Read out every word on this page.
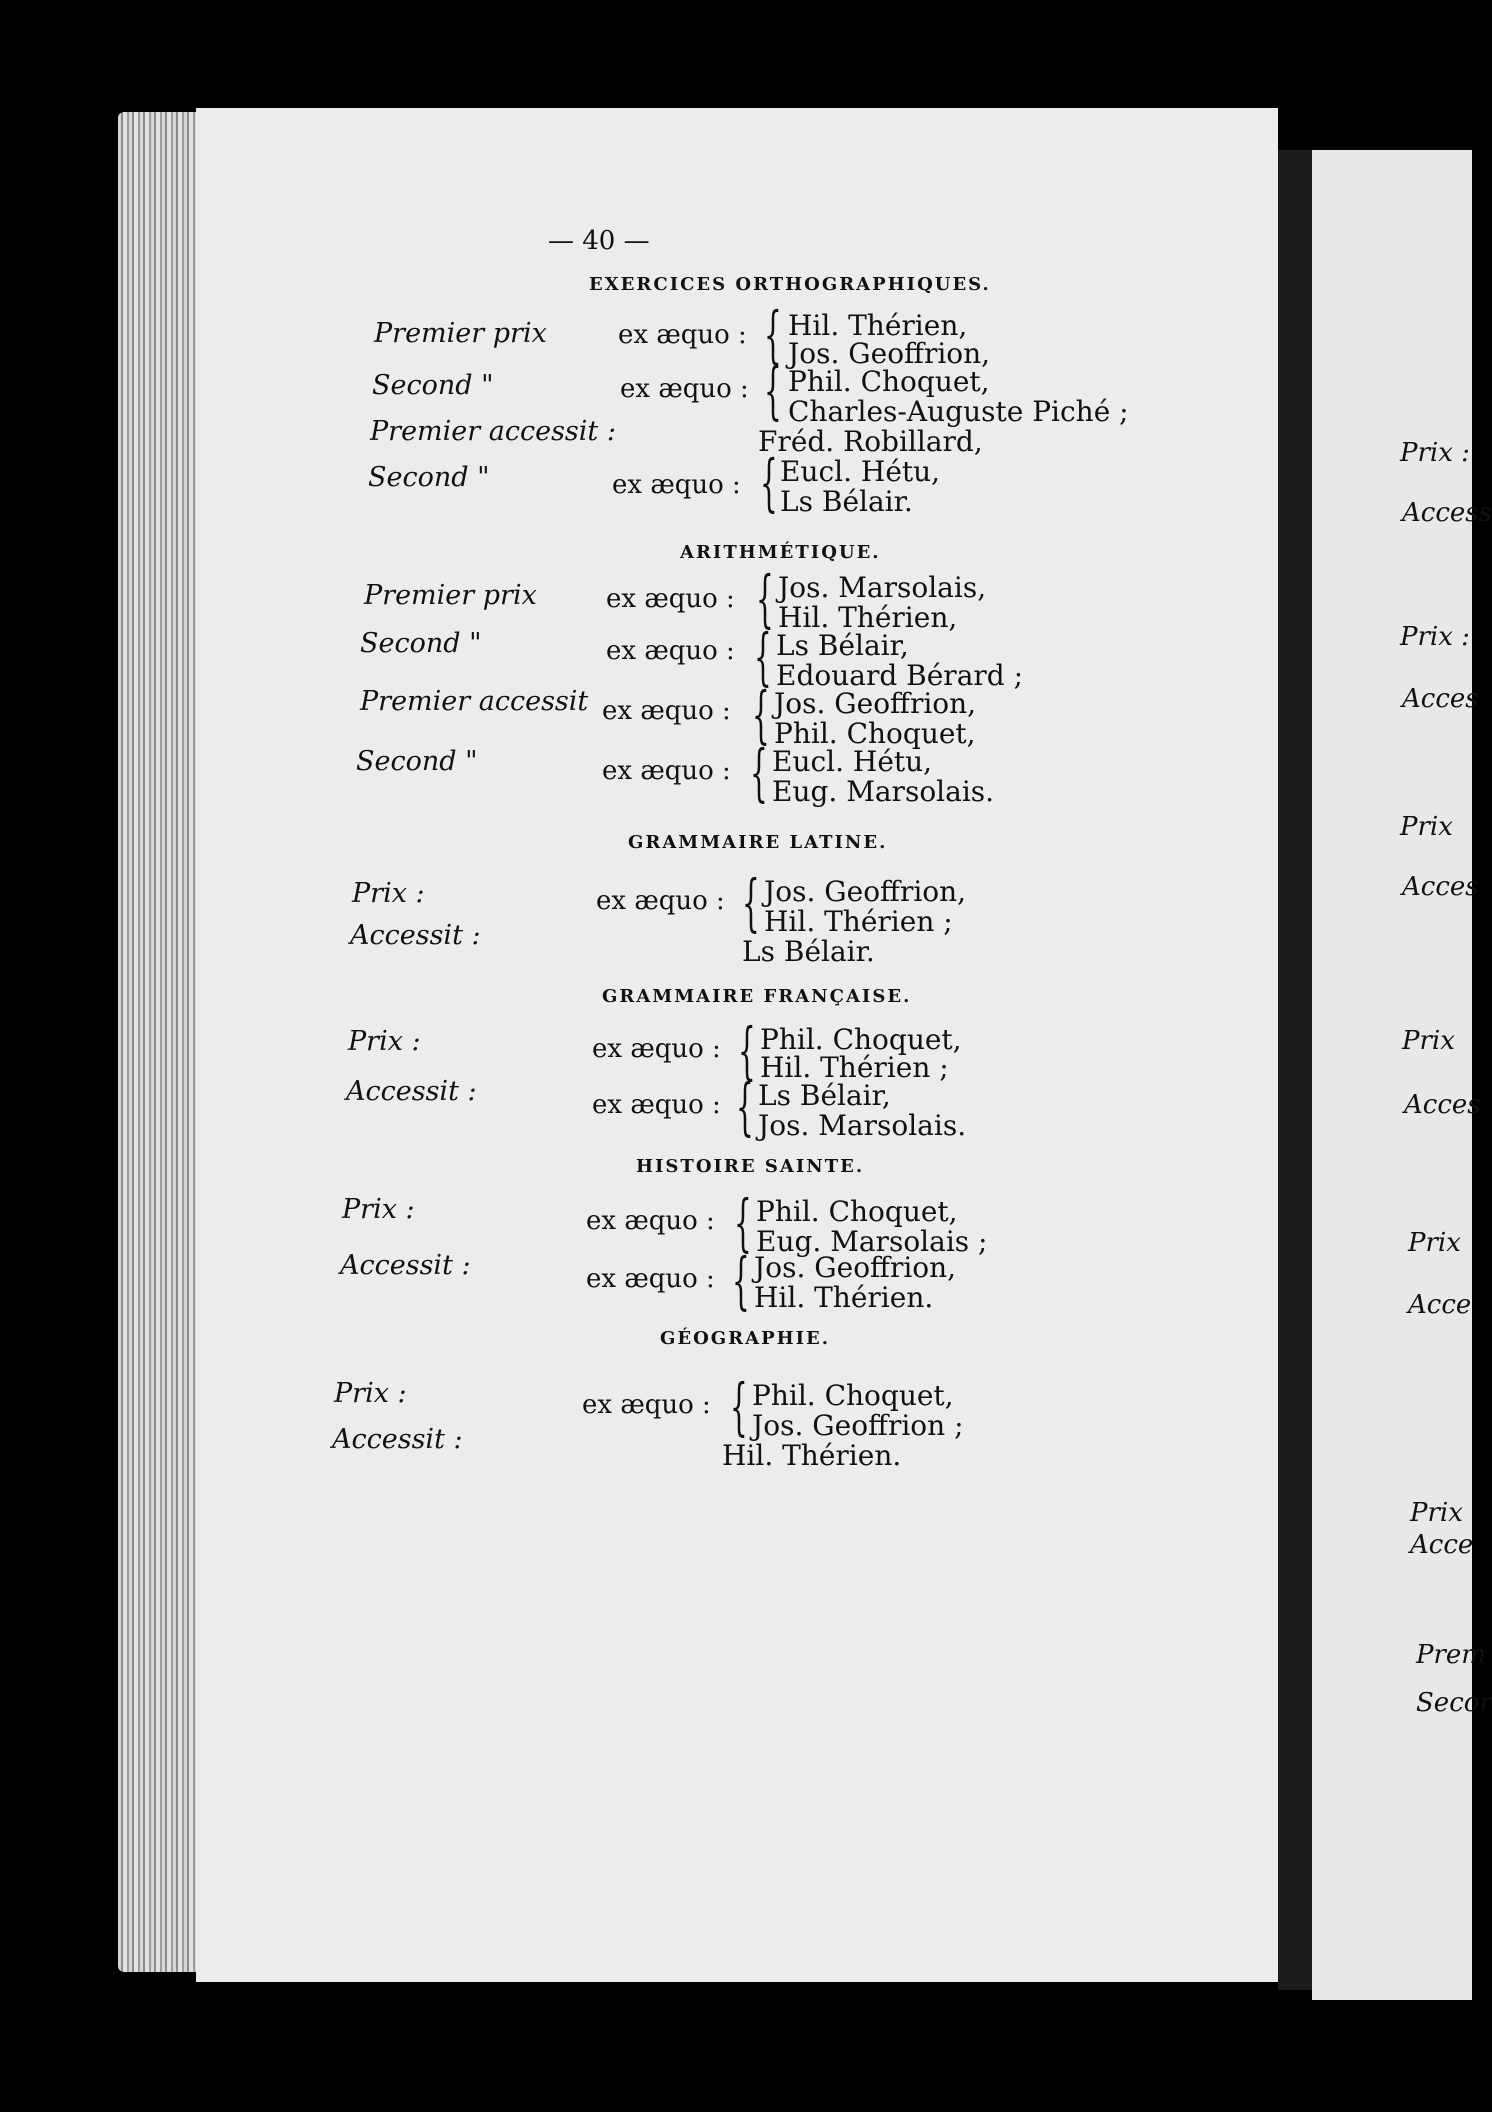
— 40 —
EXERCICES ORTHOGRAPHIQUES.
Premier prix	ex æquo : { Hil. Thérien,
Jos. Geoffrion,
Second "	ex æquo : { Phil. Choquet,
Charles-Auguste Piché ;
Premier accessit :	Fréd. Robillard,
Second "	ex æquo : { Eucl. Hétu,
Ls Bélair.
ARITHMÉTIQUE.
Premier prix	ex æquo : { Jos. Marsolais,
Hil. Thérien,
Second "	ex æquo : { Ls Bélair,
Edouard Bérard ;
Premier accessit ex æquo : { Jos. Geoffrion,
Phil. Choquet,
Second "	ex æquo : { Eucl. Hétu,
Eug. Marsolais.
GRAMMAIRE LATINE.
Prix :	ex æquo : { Jos. Geoffrion,
Hil. Thérien ;
Accessit :	Ls Bélair.
GRAMMAIRE FRANÇAISE.
Prix :	ex æquo : { Phil. Choquet,
Hil. Thérien ;
Accessit :	ex æquo : { Ls Bélair,
Jos. Marsolais.
HISTOIRE SAINTE.
Prix :	ex æquo : { Phil. Choquet,
Eug. Marsolais ;
Accessit :	ex æquo : { Jos. Geoffrion,
Hil. Thérien.
GÉOGRAPHIE.
Prix :	ex æquo : { Phil. Choquet,
Jos. Geoffrion ;
Accessit :	Hil. Thérien.
Prix :
Access
Prix :
Acces
Prix
Acces
Prix
Acces
Prix
Acce
Prix
Acce
Prem
Secor
